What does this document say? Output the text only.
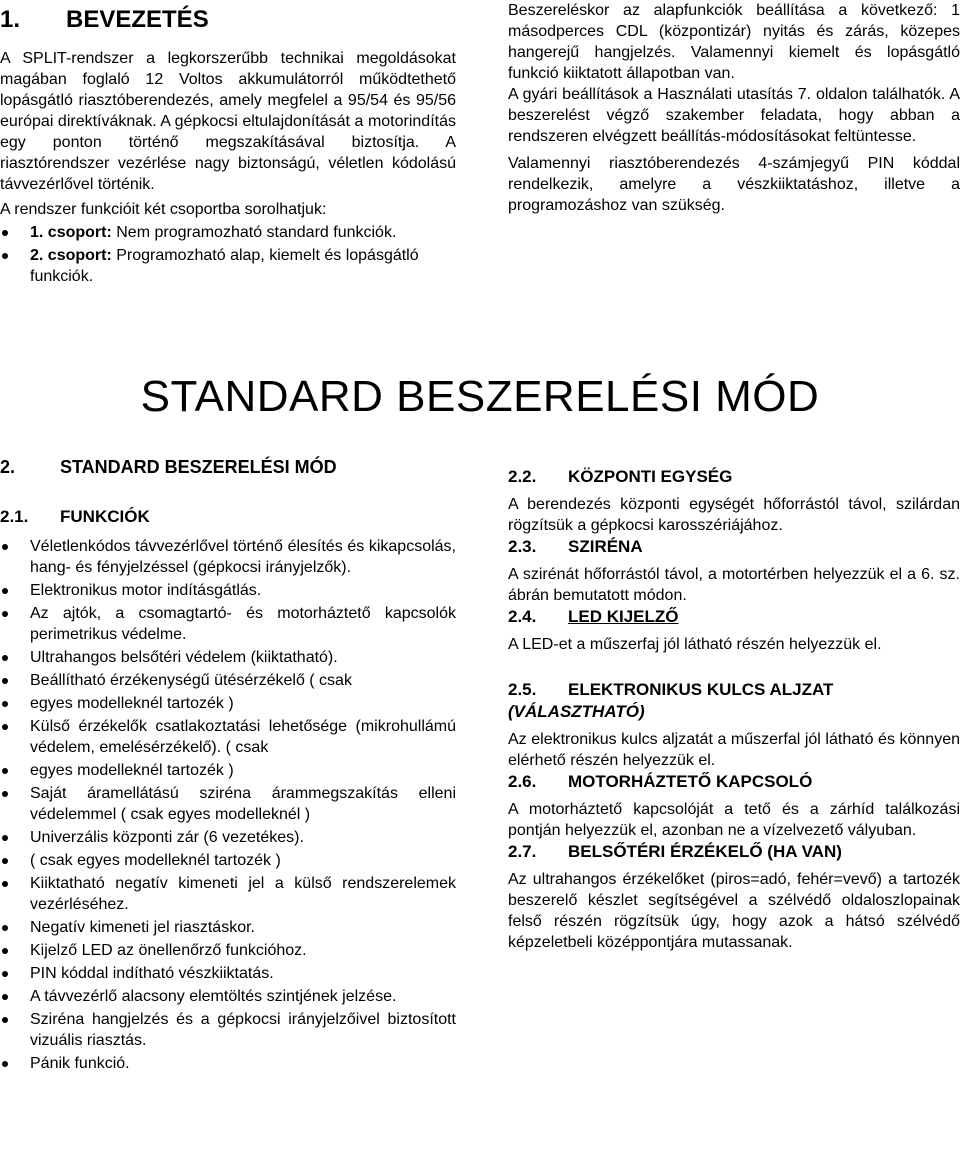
1.	BEVEZETÉS

A SPLIT-rendszer a legkorszerűbb technikai megoldásokat magában foglaló 12 Voltos akkumulátorról működtethető lopásgátló riasztóberendezés, amely megfelel a 95/54 és 95/56 európai direktíváknak. A gépkocsi eltulajdonítását a motorindítás egy ponton történő megszakításával biztosítja. A riasztórendszer vezérlése nagy biztonságú, véletlen kódolású távvezérlővel történik.

A rendszer funkcióit két csoportba sorolhatjuk:

1. csoport: Nem programozható standard funkciók.
2. csoport: Programozható alap, kiemelt és lopásgátló funkciók.

Beszereléskor az alapfunkciók beállítása a következő: 1 másodperces CDL (központizár) nyitás és zárás, közepes hangerejű hangjelzés. Valamennyi kiemelt és lopásgátló funkció kiiktatott állapotban van.

A gyári beállítások a Használati utasítás 7. oldalon találhatók. A beszerelést végző szakember feladata, hogy abban a rendszeren elvégzett beállítás-módosításokat feltüntesse.

Valamennyi riasztóberendezés 4-számjegyű PIN kóddal rendelkezik, amelyre a vészkiiktatáshoz, illetve a programozáshoz van szükség.

STANDARD BESZERELÉSI MÓD
2.	STANDARD BESZERELÉSI MÓD
2.1.	FUNKCIÓK
Véletlenkódos távvezérlővel történő élesítés és kikapcsolás, hang- és fényjelzéssel (gépkocsi irányjelzők).
Elektronikus motor indításgátlás.
Az ajtók, a csomagtartó- és motorháztető kapcsolók perimetrikus védelme.
Ultrahangos belsőtéri védelem (kiiktatható).
Beállítható érzékenységű ütésérzékelő ( csak
egyes modelleknél tartozék )
Külső érzékelők csatlakoztatási lehetősége (mikrohullámú védelem, emelésérzékelő). ( csak
egyes modelleknél tartozék )
Saját áramellátású sziréna árammegszakítás elleni védelemmel ( csak egyes modelleknél )
Univerzális központi zár (6 vezetékes).
( csak egyes modelleknél tartozék )
Kiiktatható negatív kimeneti jel a külső rendszerelemek vezérléséhez.
Negatív kimeneti jel riasztáskor.
Kijelző LED az önellenőrző funkcióhoz.
PIN kóddal indítható vészkiiktatás.
A távvezérlő alacsony elemtöltés szintjének jelzése.
Sziréna hangjelzés és a gépkocsi irányjelzőivel biztosított vizuális riasztás.
Pánik funkció.
2.2.	KÖZPONTI EGYSÉG

A berendezés központi egységét hőforrástól távol, szilárdan rögzítsük a gépkocsi karosszériájához.

2.3.	SZIRÉNA

A szirénát hőforrástól távol, a motortérben helyezzük el a 6. sz. ábrán bemutatott módon.

2.4.	LED KIJELZŐ

A LED-et a műszerfaj jól látható részén helyezzük el.

2.5.	ELEKTRONIKUS KULCS ALJZAT
(VÁLASZTHATÓ)

Az elektronikus kulcs aljzatát a műszerfal jól látható és könnyen elérhető részén helyezzük el.

2.6.	MOTORHÁZTETŐ KAPCSOLÓ

A motorháztető kapcsolóját a tető és a zárhíd találkozási pontján helyezzük el, azonban ne a vízelvezető vályuban.

2.7.	BELSŐTÉRI ÉRZÉKELŐ (HA VAN)

Az ultrahangos érzékelőket (piros=adó, fehér=vevő) a tartozék beszerelő készlet segítségével a szélvédő oldaloszlopainak felső részén rögzítsük úgy, hogy azok a hátsó szélvédő képzeletbeli középpontjára mutassanak.
